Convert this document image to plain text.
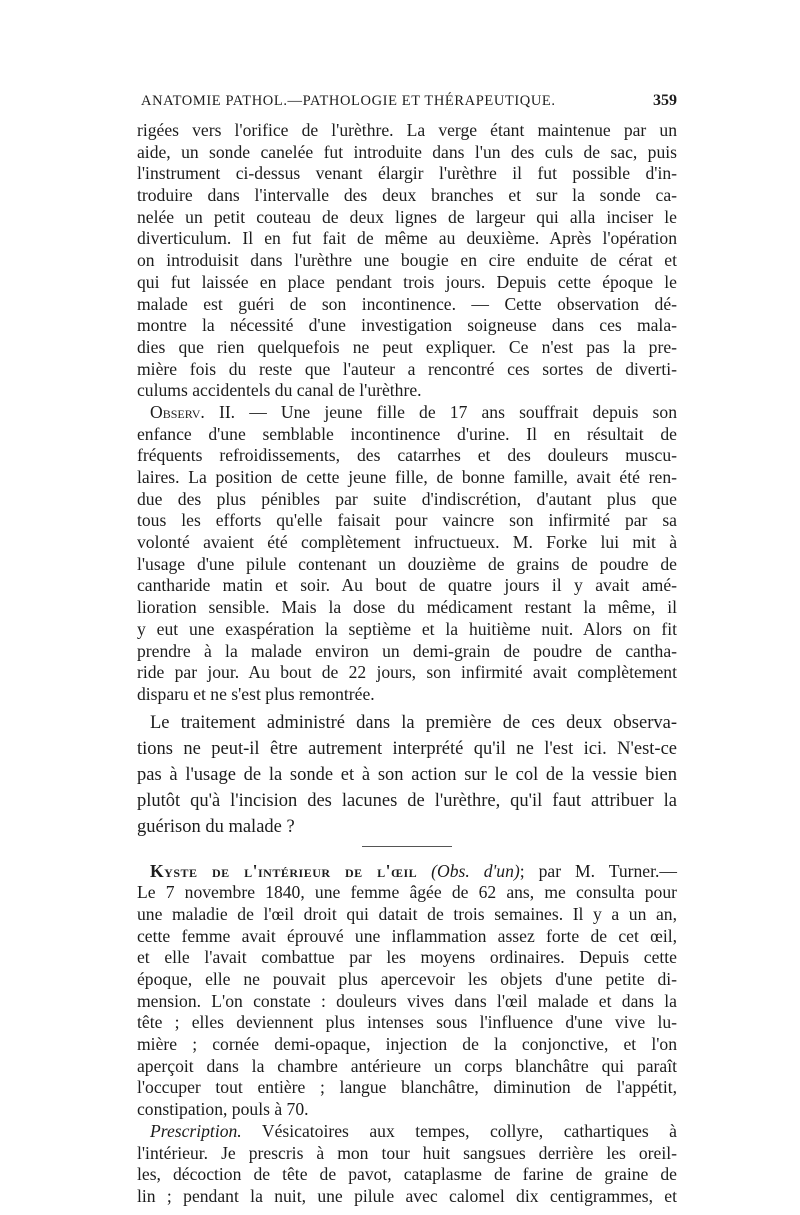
ANATOMIE PATHOL.—PATHOLOGIE ET THÉRAPEUTIQUE.	359
rigées vers l'orifice de l'urèthre. La verge étant maintenue par un
aide, un sonde canelée fut introduite dans l'un des culs de sac, puis
l'instrument ci-dessus venant élargir l'urèthre il fut possible d'in-
troduire dans l'intervalle des deux branches et sur la sonde ca-
nelée un petit couteau de deux lignes de largeur qui alla inciser le
diverticulum. Il en fut fait de même au deuxième. Après l'opération
on introduisit dans l'urèthre une bougie en cire enduite de cérat et
qui fut laissée en place pendant trois jours. Depuis cette époque le
malade est guéri de son incontinence. — Cette observation dé-
montre la nécessité d'une investigation soigneuse dans ces mala-
dies que rien quelquefois ne peut expliquer. Ce n'est pas la pre-
mière fois du reste que l'auteur a rencontré ces sortes de diverti-
culums accidentels du canal de l'urèthre.
Observ. II. — Une jeune fille de 17 ans souffrait depuis son
enfance d'une semblable incontinence d'urine. Il en résultait de
fréquents refroidissements, des catarrhes et des douleurs muscu-
laires. La position de cette jeune fille, de bonne famille, avait été ren-
due des plus pénibles par suite d'indiscrétion, d'autant plus que
tous les efforts qu'elle faisait pour vaincre son infirmité par sa
volonté avaient été complètement infructueux. M. Forke lui mit à
l'usage d'une pilule contenant un douzième de grains de poudre de
cantharide matin et soir. Au bout de quatre jours il y avait amé-
lioration sensible. Mais la dose du médicament restant la même, il
y eut une exaspération la septième et la huitième nuit. Alors on fit
prendre à la malade environ un demi-grain de poudre de cantha-
ride par jour. Au bout de 22 jours, son infirmité avait complètement
disparu et ne s'est plus remontrée.
Le traitement administré dans la première de ces deux observa-
tions ne peut-il être autrement interprété qu'il ne l'est ici. N'est-ce
pas à l'usage de la sonde et à son action sur le col de la vessie bien
plutôt qu'à l'incision des lacunes de l'urèthre, qu'il faut attribuer la
guérison du malade ?
Kyste de l'intérieur de l'œil (Obs. d'un); par M. Turner.—
Le 7 novembre 1840, une femme âgée de 62 ans, me consulta pour
une maladie de l'œil droit qui datait de trois semaines. Il y a un an,
cette femme avait éprouvé une inflammation assez forte de cet œil,
et elle l'avait combattue par les moyens ordinaires. Depuis cette
époque, elle ne pouvait plus apercevoir les objets d'une petite di-
mension. L'on constate : douleurs vives dans l'œil malade et dans la
tête ; elles deviennent plus intenses sous l'influence d'une vive lu-
mière ; cornée demi-opaque, injection de la conjonctive, et l'on
aperçoit dans la chambre antérieure un corps blanchâtre qui paraît
l'occuper tout entière ; langue blanchâtre, diminution de l'appétit,
constipation, pouls à 70.
Prescription. Vésicatoires aux tempes, collyre, cathartiques à
l'intérieur. Je prescris à mon tour huit sangsues derrière les oreil-
les, décoction de tête de pavot, cataplasme de farine de graine de
lin ; pendant la nuit, une pilule avec calomel dix centigrammes, et
